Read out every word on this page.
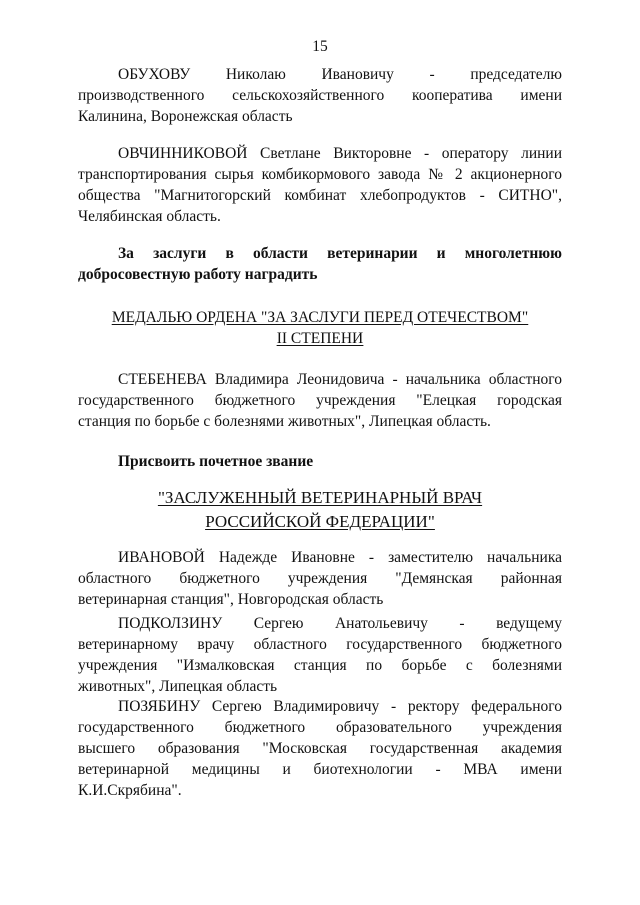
15
ОБУХОВУ Николаю Ивановичу - председателю
производственного сельскохозяйственного кооператива имени
Калинина, Воронежская область
ОВЧИННИКОВОЙ Светлане Викторовне - оператору линии
транспортирования сырья комбикормового завода № 2 акционерного
общества "Магнитогорский комбинат хлебопродуктов - СИТНО",
Челябинская область.
За заслуги в области ветеринарии и многолетнюю
добросовестную работу наградить
МЕДАЛЬЮ ОРДЕНА "ЗА ЗАСЛУГИ ПЕРЕД ОТЕЧЕСТВОМ"
II СТЕПЕНИ
СТЕБЕНЕВА Владимира Леонидовича - начальника областного
государственного бюджетного учреждения "Елецкая городская
станция по борьбе с болезнями животных", Липецкая область.
Присвоить почетное звание
"ЗАСЛУЖЕННЫЙ ВЕТЕРИНАРНЫЙ ВРАЧ
РОССИЙСКОЙ ФЕДЕРАЦИИ"
ИВАНОВОЙ Надежде Ивановне - заместителю начальника
областного бюджетного учреждения "Демянская районная
ветеринарная станция", Новгородская область
ПОДКОЛЗИНУ Сергею Анатольевичу - ведущему
ветеринарному врачу областного государственного бюджетного
учреждения "Измалковская станция по борьбе с болезнями
животных", Липецкая область
ПОЗЯБИНУ Сергею Владимировичу - ректору федерального
государственного бюджетного образовательного учреждения
высшего образования "Московская государственная академия
ветеринарной медицины и биотехнологии - МВА имени
К.И.Скрябина".
